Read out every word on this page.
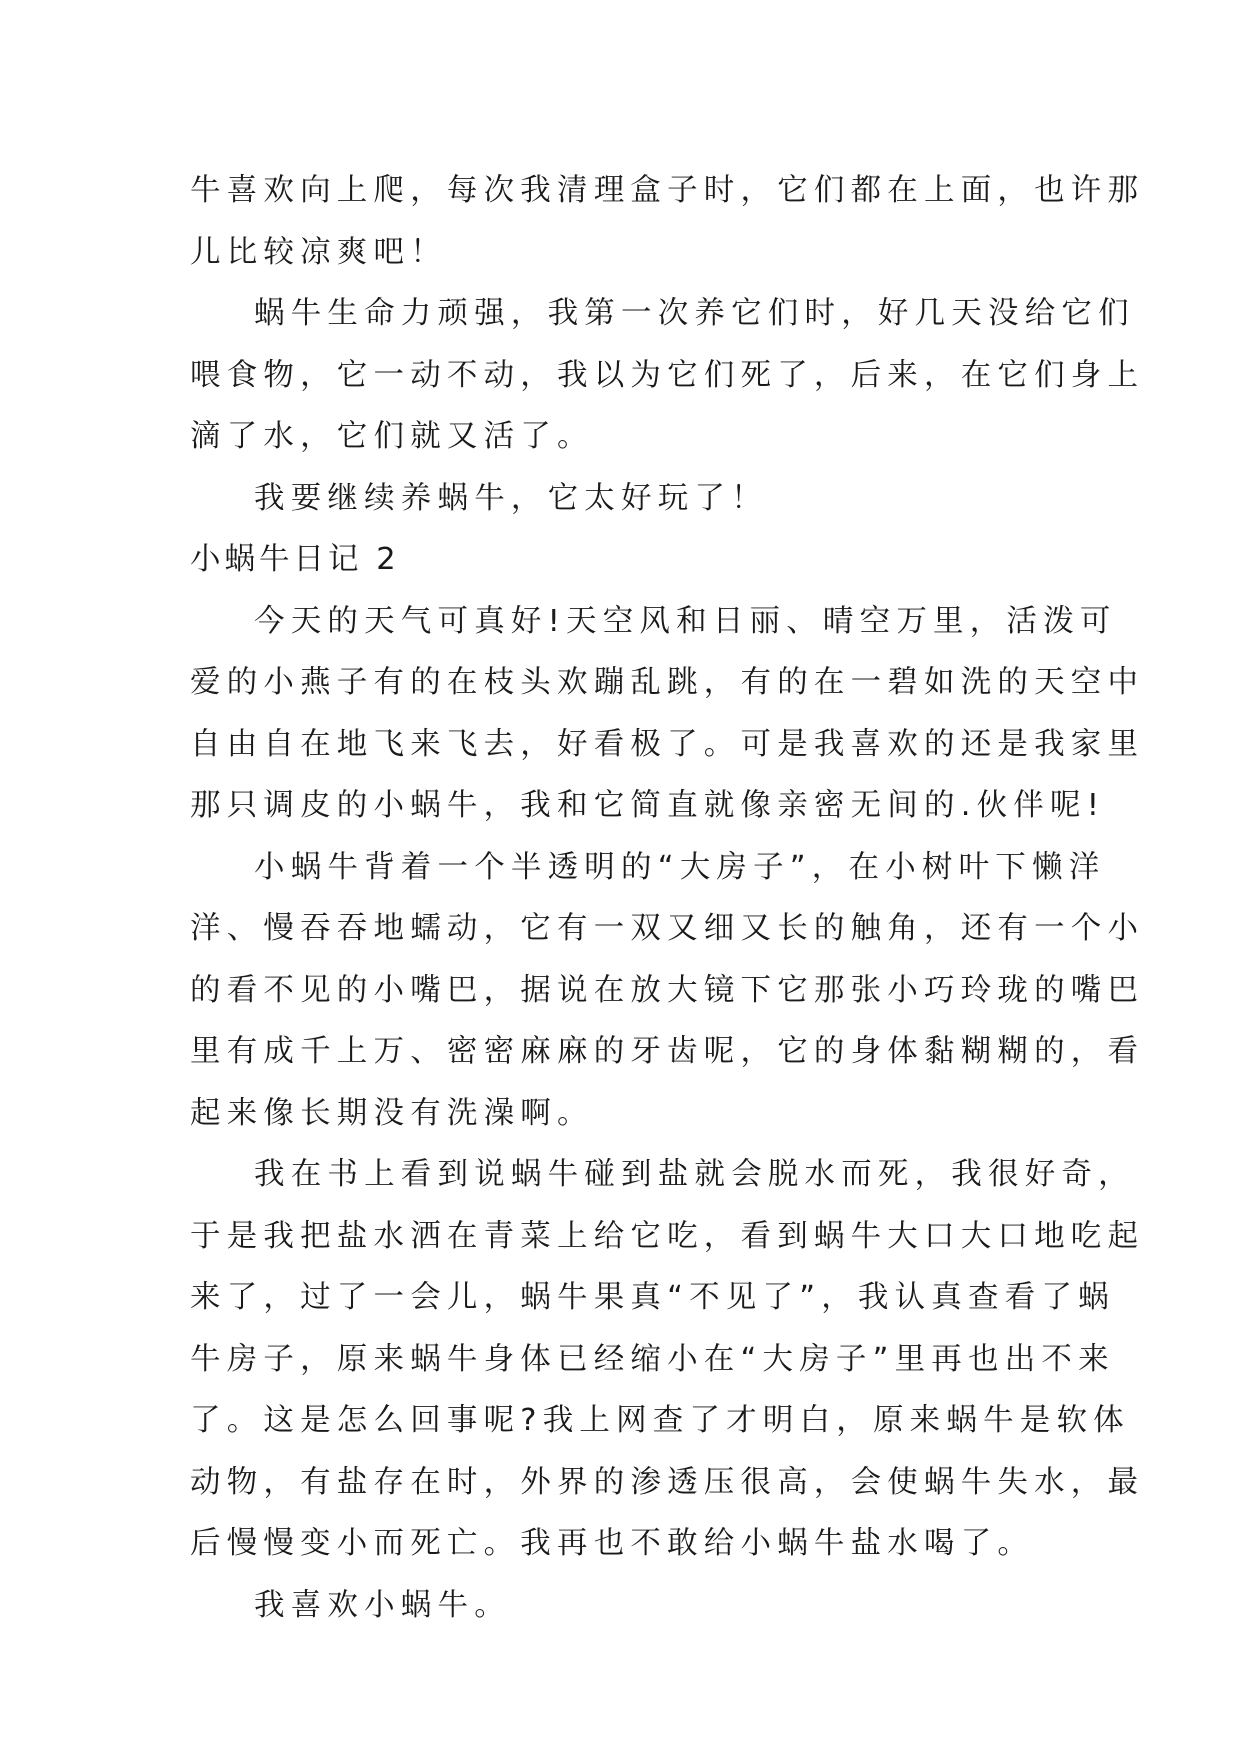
牛喜欢向上爬，每次我清理盒子时，它们都在上面，也许那
儿比较凉爽吧！
蜗牛生命力顽强，我第一次养它们时，好几天没给它们
喂食物，它一动不动，我以为它们死了，后来，在它们身上
滴了水，它们就又活了。
我要继续养蜗牛，它太好玩了！
小蜗牛日记 2
今天的天气可真好!天空风和日丽、晴空万里，活泼可
爱的小燕子有的在枝头欢蹦乱跳，有的在一碧如洗的天空中
自由自在地飞来飞去，好看极了。可是我喜欢的还是我家里
那只调皮的小蜗牛，我和它简直就像亲密无间的.伙伴呢!
小蜗牛背着一个半透明的“大房子”，在小树叶下懒洋
洋、慢吞吞地蠕动，它有一双又细又长的触角，还有一个小
的看不见的小嘴巴，据说在放大镜下它那张小巧玲珑的嘴巴
里有成千上万、密密麻麻的牙齿呢，它的身体黏糊糊的，看
起来像长期没有洗澡啊。
我在书上看到说蜗牛碰到盐就会脱水而死，我很好奇，
于是我把盐水洒在青菜上给它吃，看到蜗牛大口大口地吃起
来了，过了一会儿，蜗牛果真“不见了”，我认真查看了蜗
牛房子，原来蜗牛身体已经缩小在“大房子”里再也出不来
了。这是怎么回事呢?我上网查了才明白，原来蜗牛是软体
动物，有盐存在时，外界的渗透压很高，会使蜗牛失水，最
后慢慢变小而死亡。我再也不敢给小蜗牛盐水喝了。
我喜欢小蜗牛。
